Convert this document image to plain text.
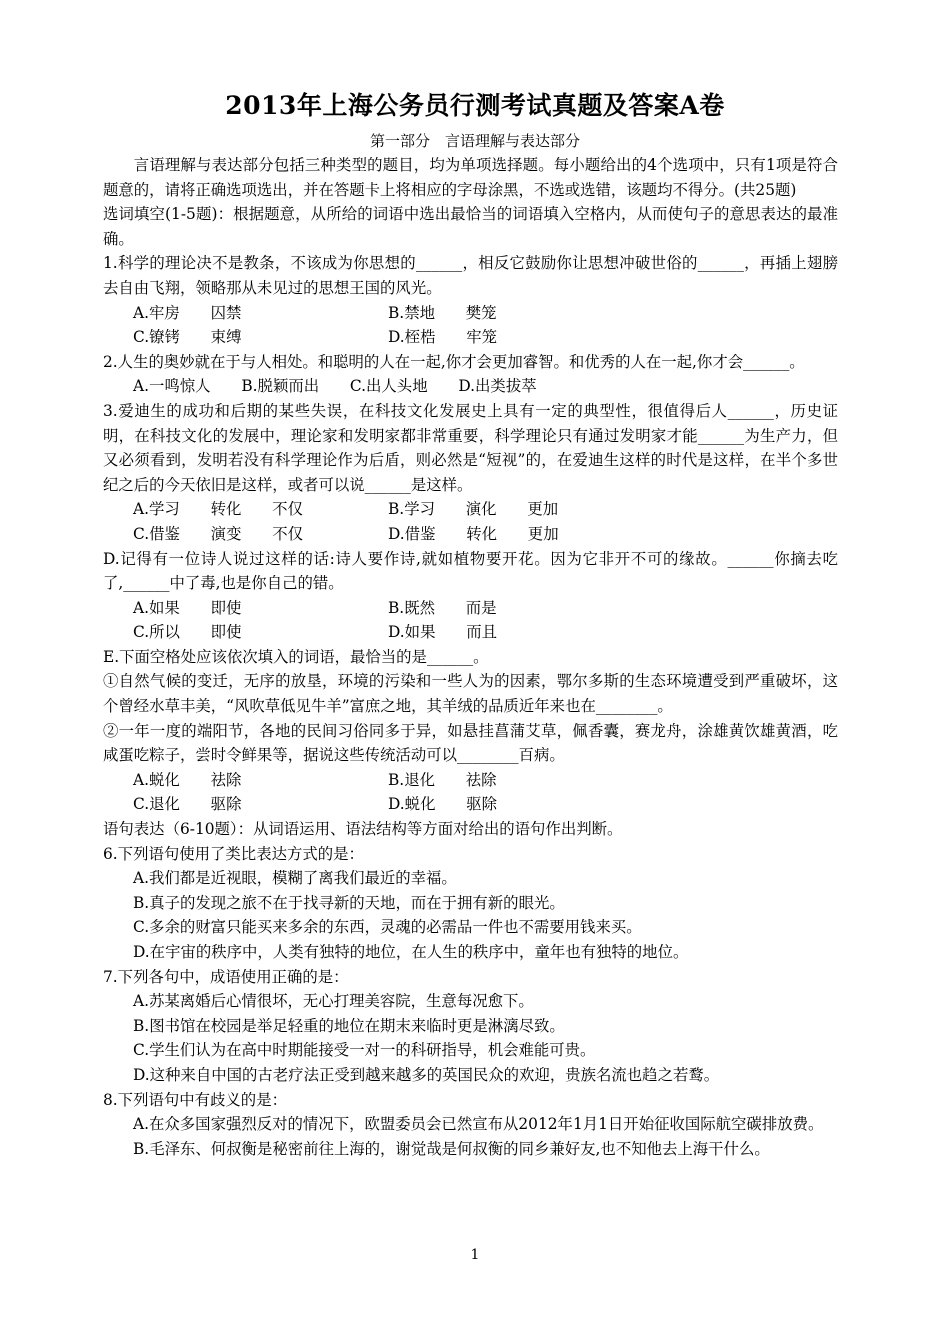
2013年上海公务员行测考试真题及答案A卷
第一部分　言语理解与表达部分

言语理解与表达部分包括三种类型的题目，均为单项选择题。每小题给出的4个选项中，只有1项是符合题意的，请将正确选项选出，并在答题卡上将相应的字母涂黑，不选或选错，该题均不得分。(共25题)

选词填空(1-5题)：根据题意，从所给的词语中选出最恰当的词语填入空格内，从而使句子的意思表达的最准确。

1.科学的理论决不是教条，不该成为你思想的______，相反它鼓励你让思想冲破世俗的______，再插上翅膀去自由飞翔，领略那从未见过的思想王国的风光。

A.牢房　　囚禁	B.禁地　　樊笼
C.镣铐　　束缚	D.桎梏　　牢笼

2.人生的奥妙就在于与人相处。和聪明的人在一起,你才会更加睿智。和优秀的人在一起,你才会______。

A.一鸣惊人　　B.脱颖而出　　C.出人头地　　D.出类拔萃

3.爱迪生的成功和后期的某些失误，在科技文化发展史上具有一定的典型性，很值得后人______，历史证明，在科技文化的发展中，理论家和发明家都非常重要，科学理论只有通过发明家才能______为生产力，但又必须看到，发明若没有科学理论作为后盾，则必然是“短视”的，在爱迪生这样的时代是这样，在半个多世纪之后的今天依旧是这样，或者可以说______是这样。

A.学习　　转化　　不仅	B.学习　　演化　　更加
C.借鉴　　演变　　不仅	D.借鉴　　转化　　更加

D.记得有一位诗人说过这样的话:诗人要作诗,就如植物要开花。因为它非开不可的缘故。______你摘去吃了,______中了毒,也是你自己的错。

A.如果　　即使	B.既然　　而是
C.所以　　即使	D.如果　　而且

E.下面空格处应该依次填入的词语，最恰当的是______。

①自然气候的变迁，无序的放垦，环境的污染和一些人为的因素，鄂尔多斯的生态环境遭受到严重破坏，这个曾经水草丰美，“风吹草低见牛羊”富庶之地，其羊绒的品质近年来也在________。

②一年一度的端阳节，各地的民间习俗同多于异，如悬挂菖蒲艾草，佩香囊，赛龙舟，涂雄黄饮雄黄酒，吃咸蛋吃粽子，尝时令鲜果等，据说这些传统活动可以________百病。

A.蜕化　　祛除	B.退化　　祛除
C.退化　　驱除	D.蜕化　　驱除

语句表达（6-10题）：从词语运用、语法结构等方面对给出的语句作出判断。

6.下列语句使用了类比表达方式的是：

A.我们都是近视眼，模糊了离我们最近的幸福。

B.真子的发现之旅不在于找寻新的天地，而在于拥有新的眼光。

C.多余的财富只能买来多余的东西，灵魂的必需品一件也不需要用钱来买。

D.在宇宙的秩序中，人类有独特的地位，在人生的秩序中，童年也有独特的地位。

7.下列各句中，成语使用正确的是：

A.苏某离婚后心情很坏，无心打理美容院，生意每况愈下。

B.图书馆在校园是举足轻重的地位在期末来临时更是淋漓尽致。

C.学生们认为在高中时期能接受一对一的科研指导，机会难能可贵。

D.这种来自中国的古老疗法正受到越来越多的英国民众的欢迎，贵族名流也趋之若鹜。

8.下列语句中有歧义的是：

A.在众多国家强烈反对的情况下，欧盟委员会已然宣布从2012年1月1日开始征收国际航空碳排放费。

B.毛泽东、何叔衡是秘密前往上海的，谢觉哉是何叔衡的同乡兼好友,也不知他去上海干什么。

1
